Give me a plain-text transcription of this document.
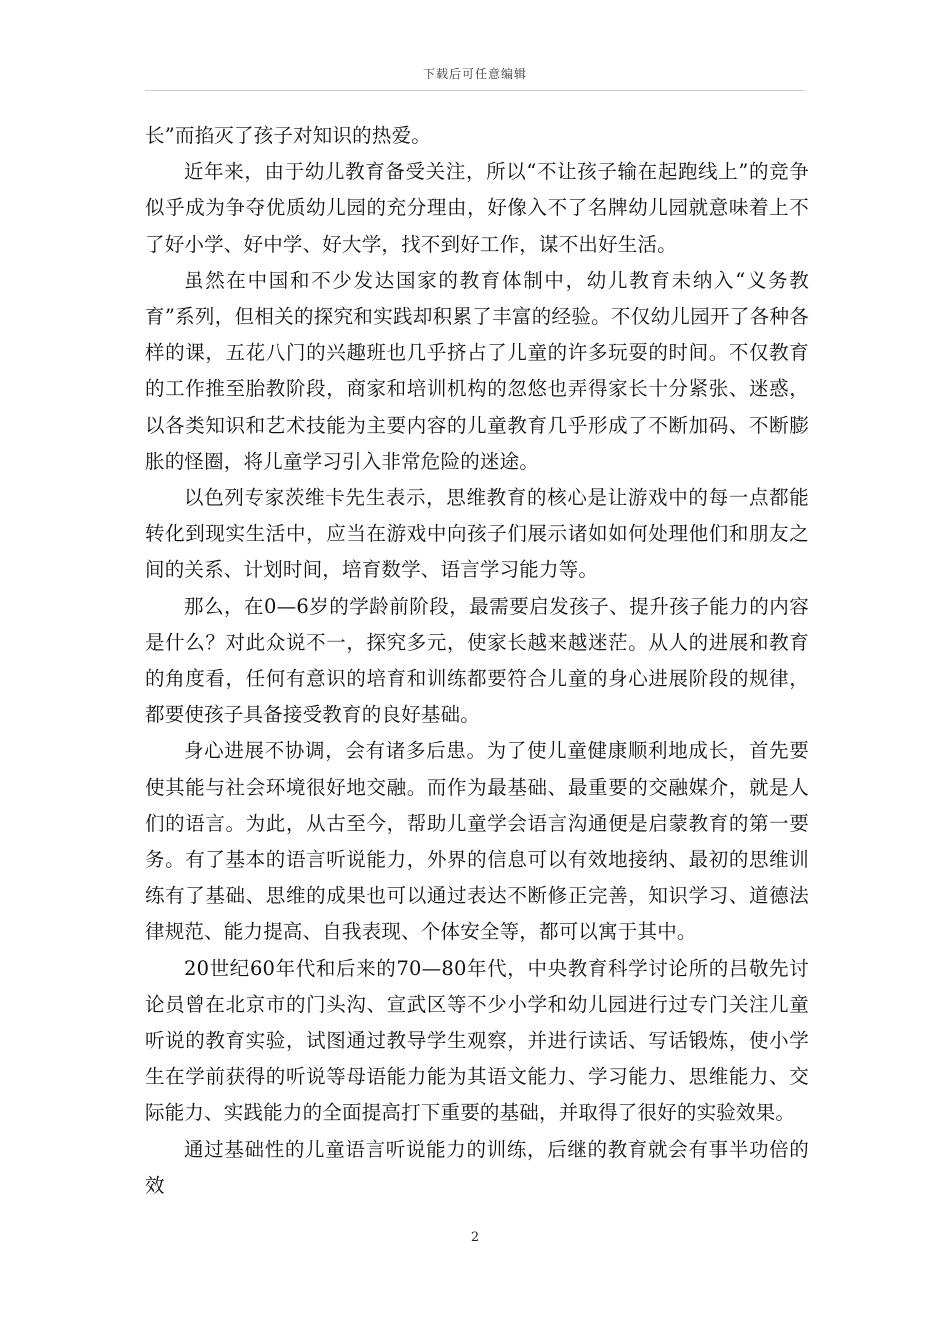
下载后可任意编辑

长”而掐灭了孩子对知识的热爱。

近年来，由于幼儿教育备受关注，所以“不让孩子输在起跑线上”的竞争似乎成为争夺优质幼儿园的充分理由，好像入不了名牌幼儿园就意味着上不了好小学、好中学、好大学，找不到好工作，谋不出好生活。

虽然在中国和不少发达国家的教育体制中，幼儿教育未纳入“义务教育”系列，但相关的探究和实践却积累了丰富的经验。不仅幼儿园开了各种各样的课，五花八门的兴趣班也几乎挤占了儿童的许多玩耍的时间。不仅教育的工作推至胎教阶段，商家和培训机构的忽悠也弄得家长十分紧张、迷惑，以各类知识和艺术技能为主要内容的儿童教育几乎形成了不断加码、不断膨胀的怪圈，将儿童学习引入非常危险的迷途。

以色列专家茨维卡先生表示，思维教育的核心是让游戏中的每一点都能转化到现实生活中，应当在游戏中向孩子们展示诸如如何处理他们和朋友之间的关系、计划时间，培育数学、语言学习能力等。

那么，在0—6岁的学龄前阶段，最需要启发孩子、提升孩子能力的内容是什么？对此众说不一，探究多元，使家长越来越迷茫。从人的进展和教育的角度看，任何有意识的培育和训练都要符合儿童的身心进展阶段的规律，都要使孩子具备接受教育的良好基础。

身心进展不协调，会有诸多后患。为了使儿童健康顺利地成长，首先要使其能与社会环境很好地交融。而作为最基础、最重要的交融媒介，就是人们的语言。为此，从古至今，帮助儿童学会语言沟通便是启蒙教育的第一要务。有了基本的语言听说能力，外界的信息可以有效地接纳、最初的思维训练有了基础、思维的成果也可以通过表达不断修正完善，知识学习、道德法律规范、能力提高、自我表现、个体安全等，都可以寓于其中。

20世纪60年代和后来的70—80年代，中央教育科学讨论所的吕敬先讨论员曾在北京市的门头沟、宣武区等不少小学和幼儿园进行过专门关注儿童听说的教育实验，试图通过教导学生观察，并进行读话、写话锻炼，使小学生在学前获得的听说等母语能力能为其语文能力、学习能力、思维能力、交际能力、实践能力的全面提高打下重要的基础，并取得了很好的实验效果。

通过基础性的儿童语言听说能力的训练，后继的教育就会有事半功倍的效

2
